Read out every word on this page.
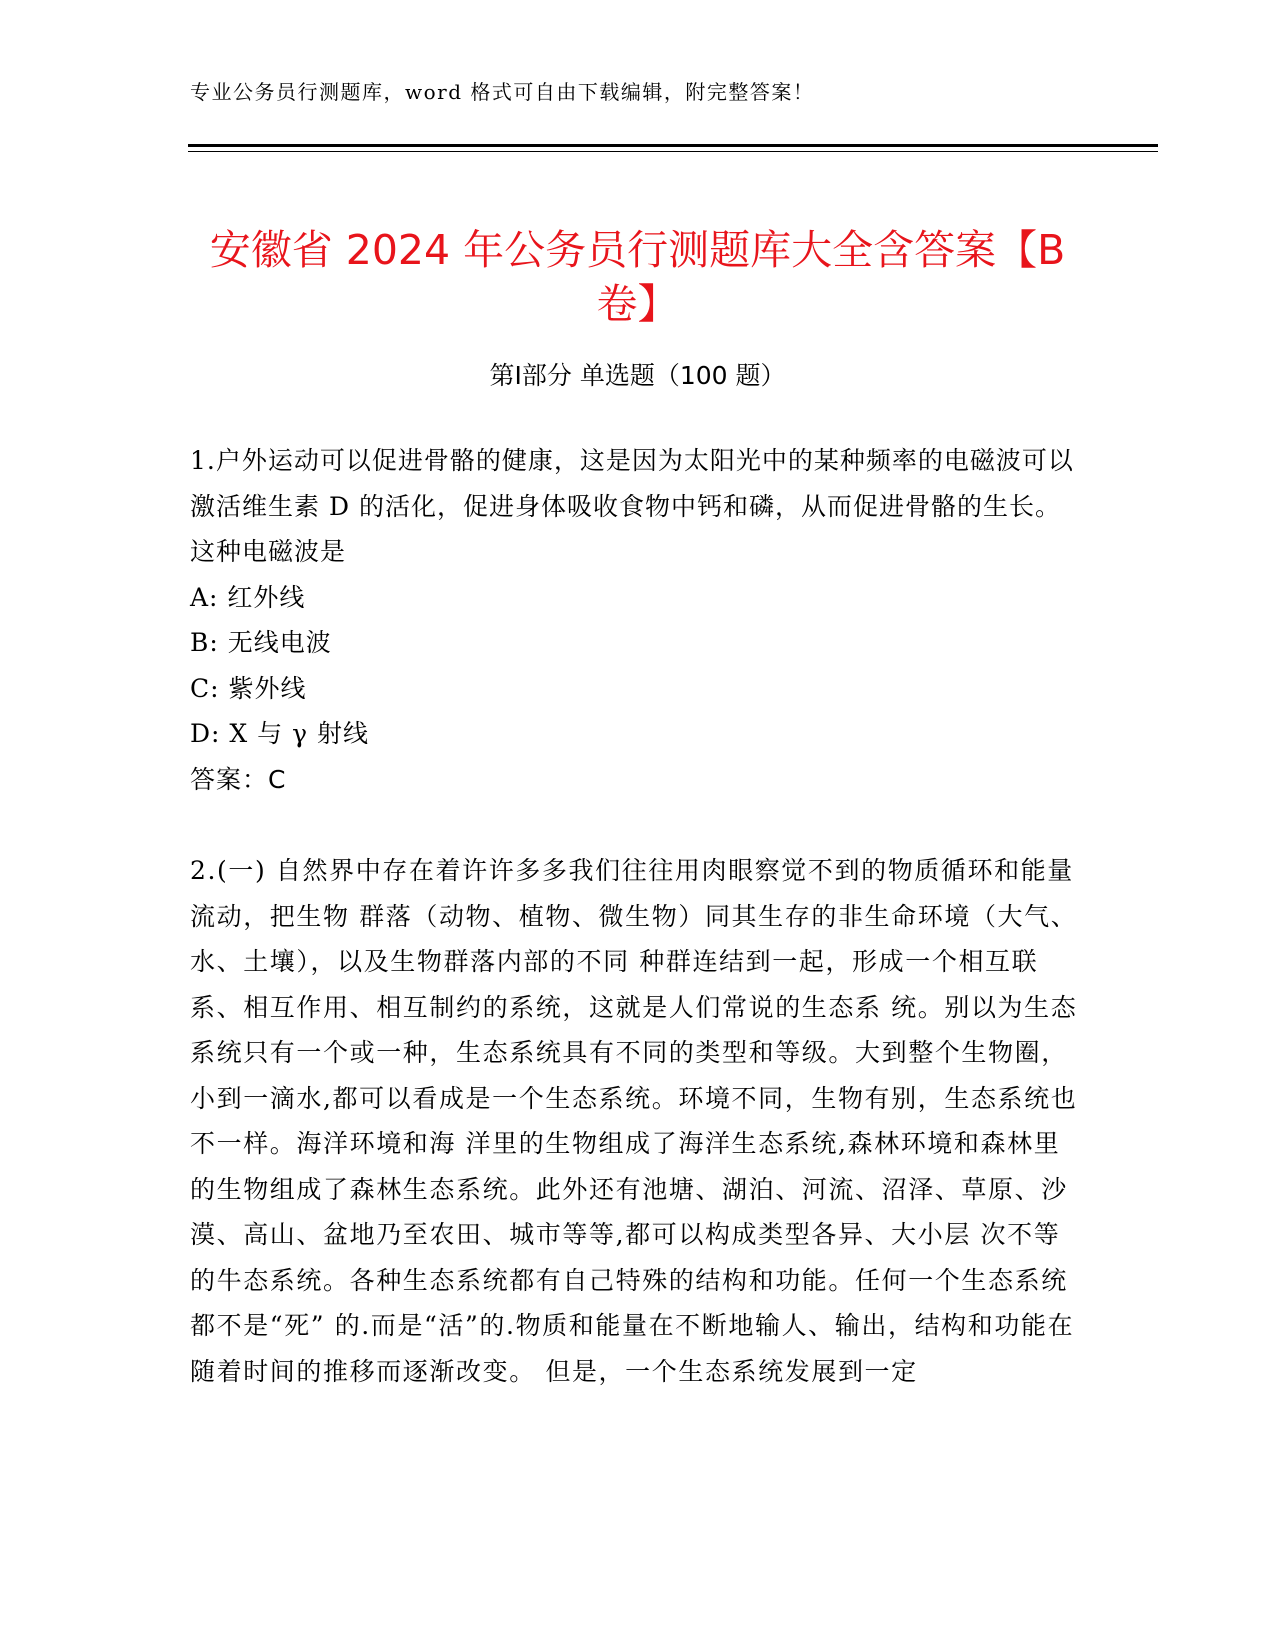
专业公务员行测题库，word 格式可自由下载编辑，附完整答案！
安徽省 2024 年公务员行测题库大全含答案【B 卷】
第Ⅰ部分 单选题（100 题）

1.户外运动可以促进骨骼的健康，这是因为太阳光中的某种频率的电磁波可以激活维生素 D 的活化，促进身体吸收食物中钙和磷，从而促进骨骼的生长。这种电磁波是

A: 红外线

B: 无线电波

C: 紫外线

D: X 与 γ 射线

答案：C

2.(一) 自然界中存在着许许多多我们往往用肉眼察觉不到的物质循环和能量流动，把生物 群落（动物、植物、微生物）同其生存的非生命环境（大气、水、土壤），以及生物群落内部的不同 种群连结到一起，形成一个相互联系、相互作用、相互制约的系统，这就是人们常说的生态系 统。别以为生态系统只有一个或一种，生态系统具有不同的类型和等级。大到整个生物圈，小到一滴水,都可以看成是一个生态系统。环境不同，生物有别，生态系统也不一样。海洋环境和海 洋里的生物组成了海洋生态系统,森林环境和森林里的生物组成了森林生态系统。此外还有池塘、湖泊、河流、沼泽、草原、沙漠、高山、盆地乃至农田、城市等等,都可以构成类型各异、大小层 次不等的牛态系统。各种生态系统都有自己特殊的结构和功能。任何一个生态系统都不是“死” 的.而是“活”的.物质和能量在不断地输人、输出，结构和功能在随着时间的推移而逐渐改变。 但是，一个生态系统发展到一定
